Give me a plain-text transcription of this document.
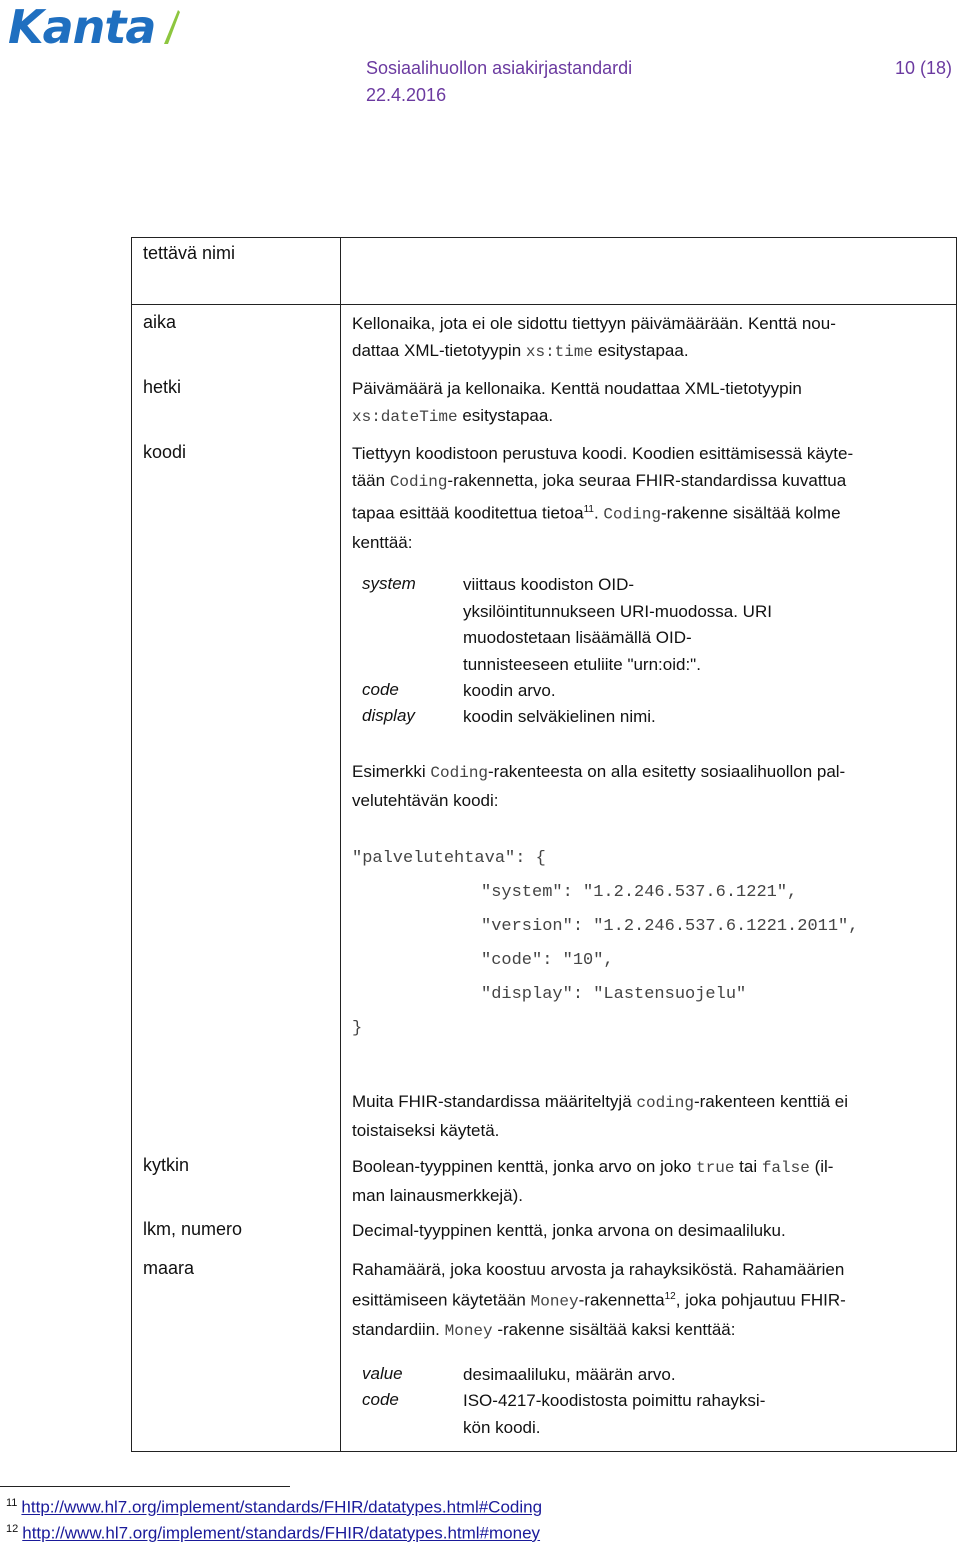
Kanta
Sosiaalihuollon asiakirjastandardi	10 (18)
22.4.2016
tettävä nimi
aika	Kellonaika, jota ei ole sidottu tiettyyn päivämäärään. Kenttä nou-
dattaa XML-tietotyypin xs:time esitystapaa.
hetki	Päivämäärä ja kellonaika. Kenttä noudattaa XML-tietotyypin
xs:dateTime esitystapaa.
koodi	Tiettyyn koodistoon perustuva koodi. Koodien esittämisessä käyte-
tään Coding-rakennetta, joka seuraa FHIR-standardissa kuvattua
tapaa esittää kooditettua tietoa$^{11}$. Coding-rakenne sisältää kolme
kenttää:
system	viittaus koodiston OID-
yksilöintitunnukseen URI-muodossa. URI
muodostetaan lisäämällä OID-
tunnisteeseen etuliite "urn:oid:".
code	koodin arvo.
display	koodin selväkielinen nimi.
Esimerkki Coding-rakenteesta on alla esitetty sosiaalihuollon pal-
velutehtävän koodi:
"palvelutehtava": {
"system": "1.2.246.537.6.1221",
"version": "1.2.246.537.6.1221.2011",
"code": "10",
"display": "Lastensuojelu"
}
Muita FHIR-standardissa määriteltyjä coding-rakenteen kenttiä ei
toistaiseksi käytetä.
kytkin	Boolean-tyyppinen kenttä, jonka arvo on joko true tai false (il-
man lainausmerkkejä).
lkm, numero	Decimal-tyyppinen kenttä, jonka arvona on desimaaliluku.
maara	Rahamäärä, joka koostuu arvosta ja rahayksiköstä. Rahamäärien
esittämiseen käytetään Money-rakennetta$^{12}$, joka pohjautuu FHIR-
standardiin. Money -rakenne sisältää kaksi kenttää:
value	desimaaliluku, määrän arvo.
code	ISO-4217-koodistosta poimittu rahayksi-
kön koodi.
$^{11}$ http://www.hl7.org/implement/standards/FHIR/datatypes.html#Coding
$^{12}$ http://www.hl7.org/implement/standards/FHIR/datatypes.html#money
